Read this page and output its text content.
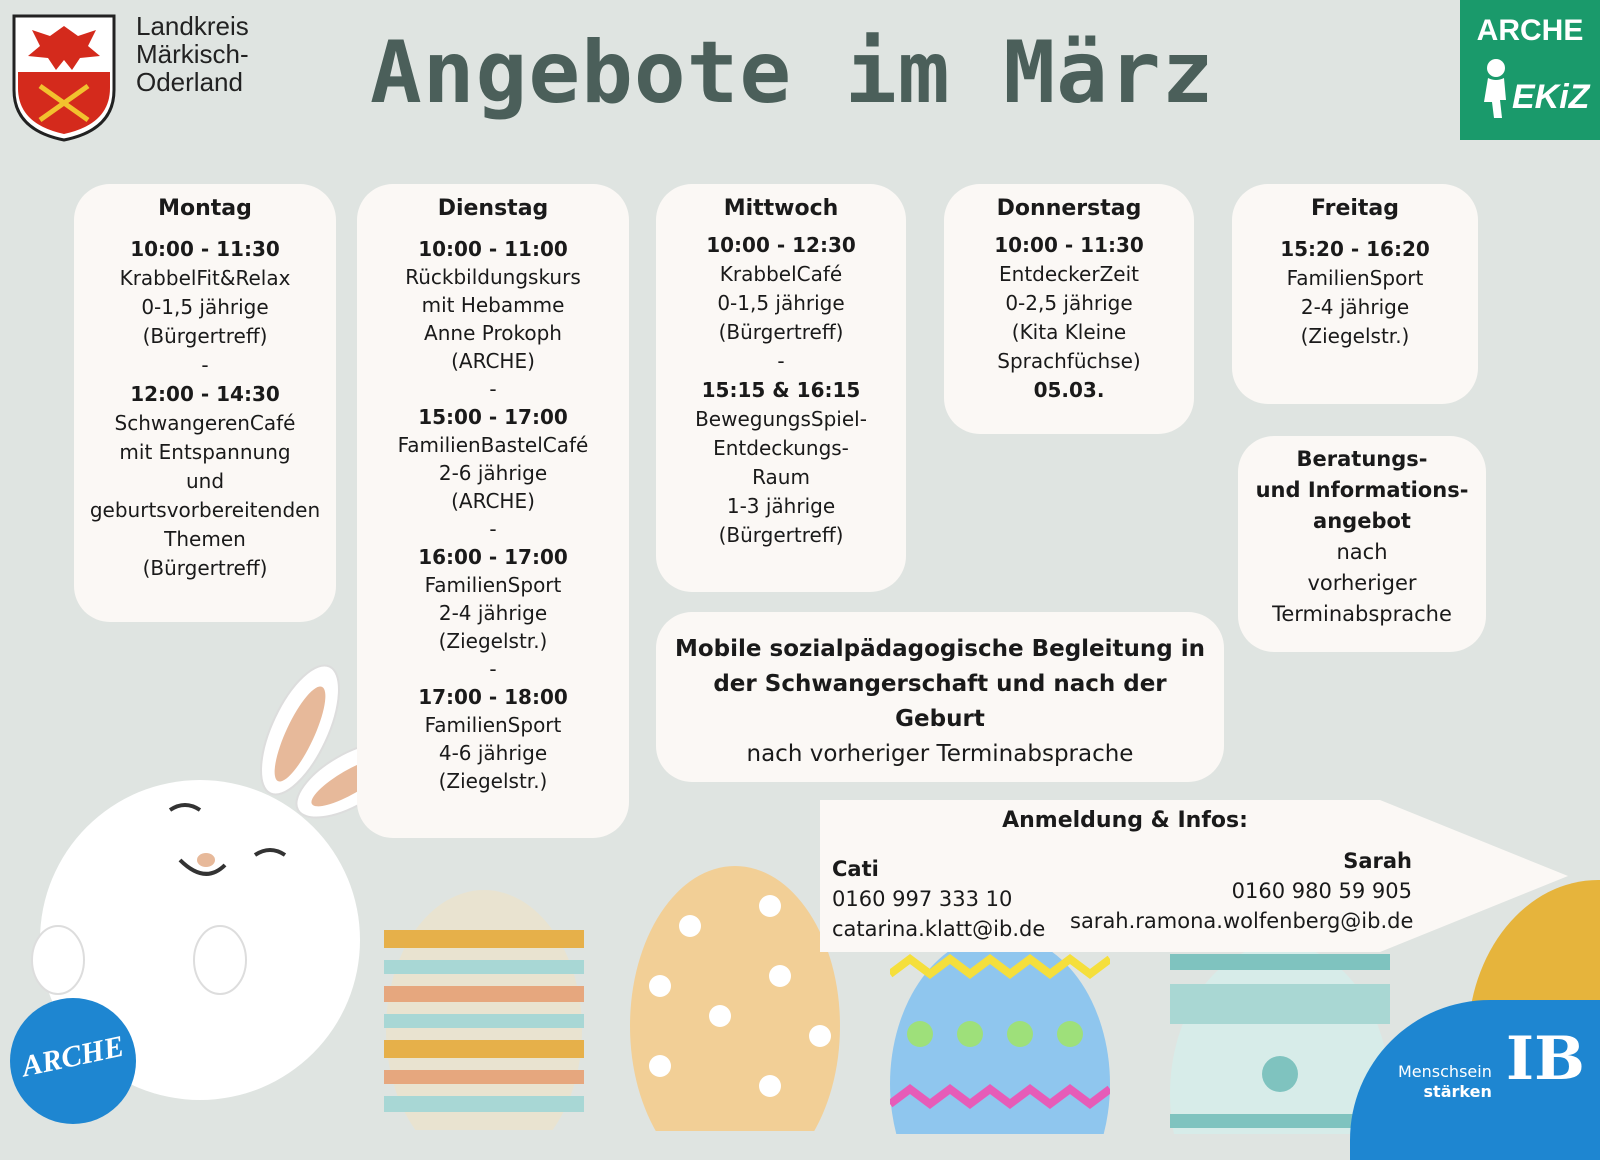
Landkreis
Märkisch-
Oderland Angebote im März	ARCHE
EKiZ
Montag
10:00 - 11:30
KrabbelFit&Relax
0-1,5 jährige
(Bürgertreff)
-
12:00 - 14:30
SchwangerenCafé
mit Entspannung
und
geburtsvorbereitenden
Themen
(Bürgertreff)
Dienstag
10:00 - 11:00
Rückbildungskurs
mit Hebamme
Anne Prokoph
(ARCHE)
-
15:00 - 17:00
FamilienBastelCafé
2-6 jährige
(ARCHE)
-
16:00 - 17:00
FamilienSport
2-4 jährige
(Ziegelstr.)
-
17:00 - 18:00
FamilienSport
4-6 jährige
(Ziegelstr.)
Mittwoch
10:00 - 12:30
KrabbelCafé
0-1,5 jährige
(Bürgertreff)
-
15:15 & 16:15
BewegungsSpiel-
Entdeckungs-
Raum
1-3 jährige
(Bürgertreff)
Donnerstag
10:00 - 11:30
EntdeckerZeit
0-2,5 jährige
(Kita Kleine
Sprachfüchse)
05.03.
Freitag
15:20 - 16:20
FamilienSport
2-4 jährige
(Ziegelstr.)
Beratungs-
und Informations-
angebot
nach
vorheriger
Terminabsprache
Mobile sozialpädagogische Begleitung in der Schwangerschaft und nach der Geburt
nach vorheriger Terminabsprache
Anmeldung & Infos:
Cati
0160 997 333 10
catarina.klatt@ib.de
Sarah
0160 980 59 905
sarah.ramona.wolfenberg@ib.de
ARCHE	Menschsein
stärken IB
